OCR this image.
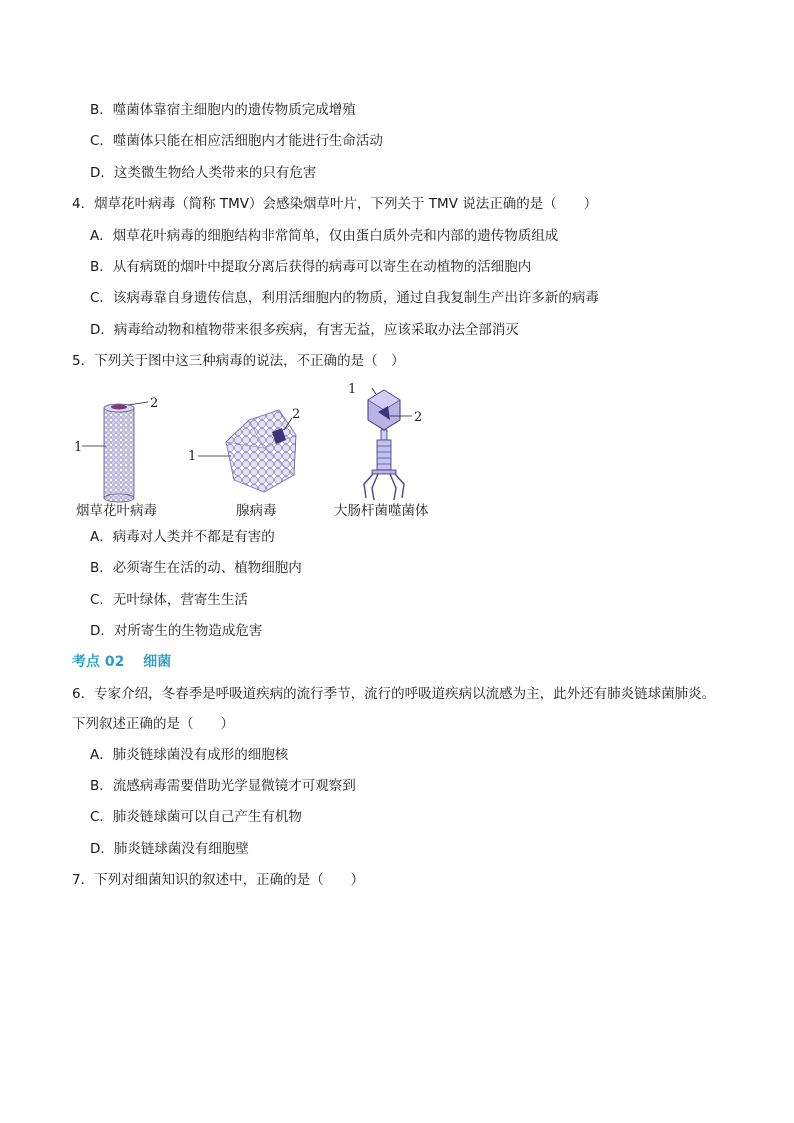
B．噬菌体靠宿主细胞内的遗传物质完成增殖
C．噬菌体只能在相应活细胞内才能进行生命活动
D．这类微生物给人类带来的只有危害
4．烟草花叶病毒（简称 TMV）会感染烟草叶片，下列关于 TMV 说法正确的是（　　）
A．烟草花叶病毒的细胞结构非常简单，仅由蛋白质外壳和内部的遗传物质组成
B．从有病斑的烟叶中提取分离后获得的病毒可以寄生在动植物的活细胞内
C．该病毒靠自身遗传信息，利用活细胞内的物质，通过自我复制生产出许多新的病毒
D．病毒给动物和植物带来很多疾病，有害无益，应该采取办法全部消灭
5．下列关于图中这三种病毒的说法，不正确的是（　）
2
1
2
1
1
2
烟草花叶病毒	腺病毒	大肠杆菌噬菌体
A．病毒对人类并不都是有害的
B．必须寄生在活的动、植物细胞内
C．无叶绿体，营寄生生活
D．对所寄生的生物造成危害
考点 02　 细菌
6．专家介绍，冬春季是呼吸道疾病的流行季节，流行的呼吸道疾病以流感为主，此外还有肺炎链球菌肺炎。
下列叙述正确的是（　　）
A．肺炎链球菌没有成形的细胞核
B．流感病毒需要借助光学显微镜才可观察到
C．肺炎链球菌可以自己产生有机物
D．肺炎链球菌没有细胞壁
7．下列对细菌知识的叙述中，正确的是（　　）
